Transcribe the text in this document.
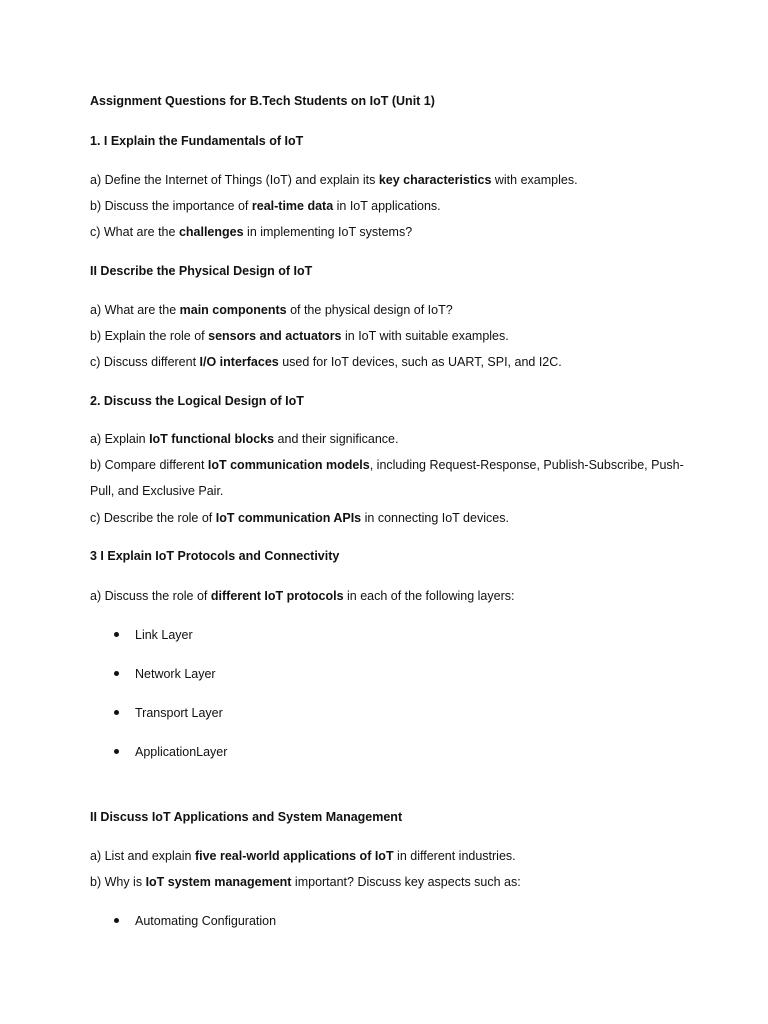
Assignment Questions for B.Tech Students on IoT (Unit 1)
1. I Explain the Fundamentals of IoT
a) Define the Internet of Things (IoT) and explain its key characteristics with examples.
b) Discuss the importance of real-time data in IoT applications.
c) What are the challenges in implementing IoT systems?
II Describe the Physical Design of IoT
a) What are the main components of the physical design of IoT?
b) Explain the role of sensors and actuators in IoT with suitable examples.
c) Discuss different I/O interfaces used for IoT devices, such as UART, SPI, and I2C.
2. Discuss the Logical Design of IoT
a) Explain IoT functional blocks and their significance.
b) Compare different IoT communication models, including Request-Response, Publish-Subscribe, Push-
Pull, and Exclusive Pair.
c) Describe the role of IoT communication APIs in connecting IoT devices.
3 I Explain IoT Protocols and Connectivity
a) Discuss the role of different IoT protocols in each of the following layers:
Link Layer
Network Layer
Transport Layer
ApplicationLayer
II Discuss IoT Applications and System Management
a) List and explain five real-world applications of IoT in different industries.
b) Why is IoT system management important? Discuss key aspects such as:
Automating Configuration
